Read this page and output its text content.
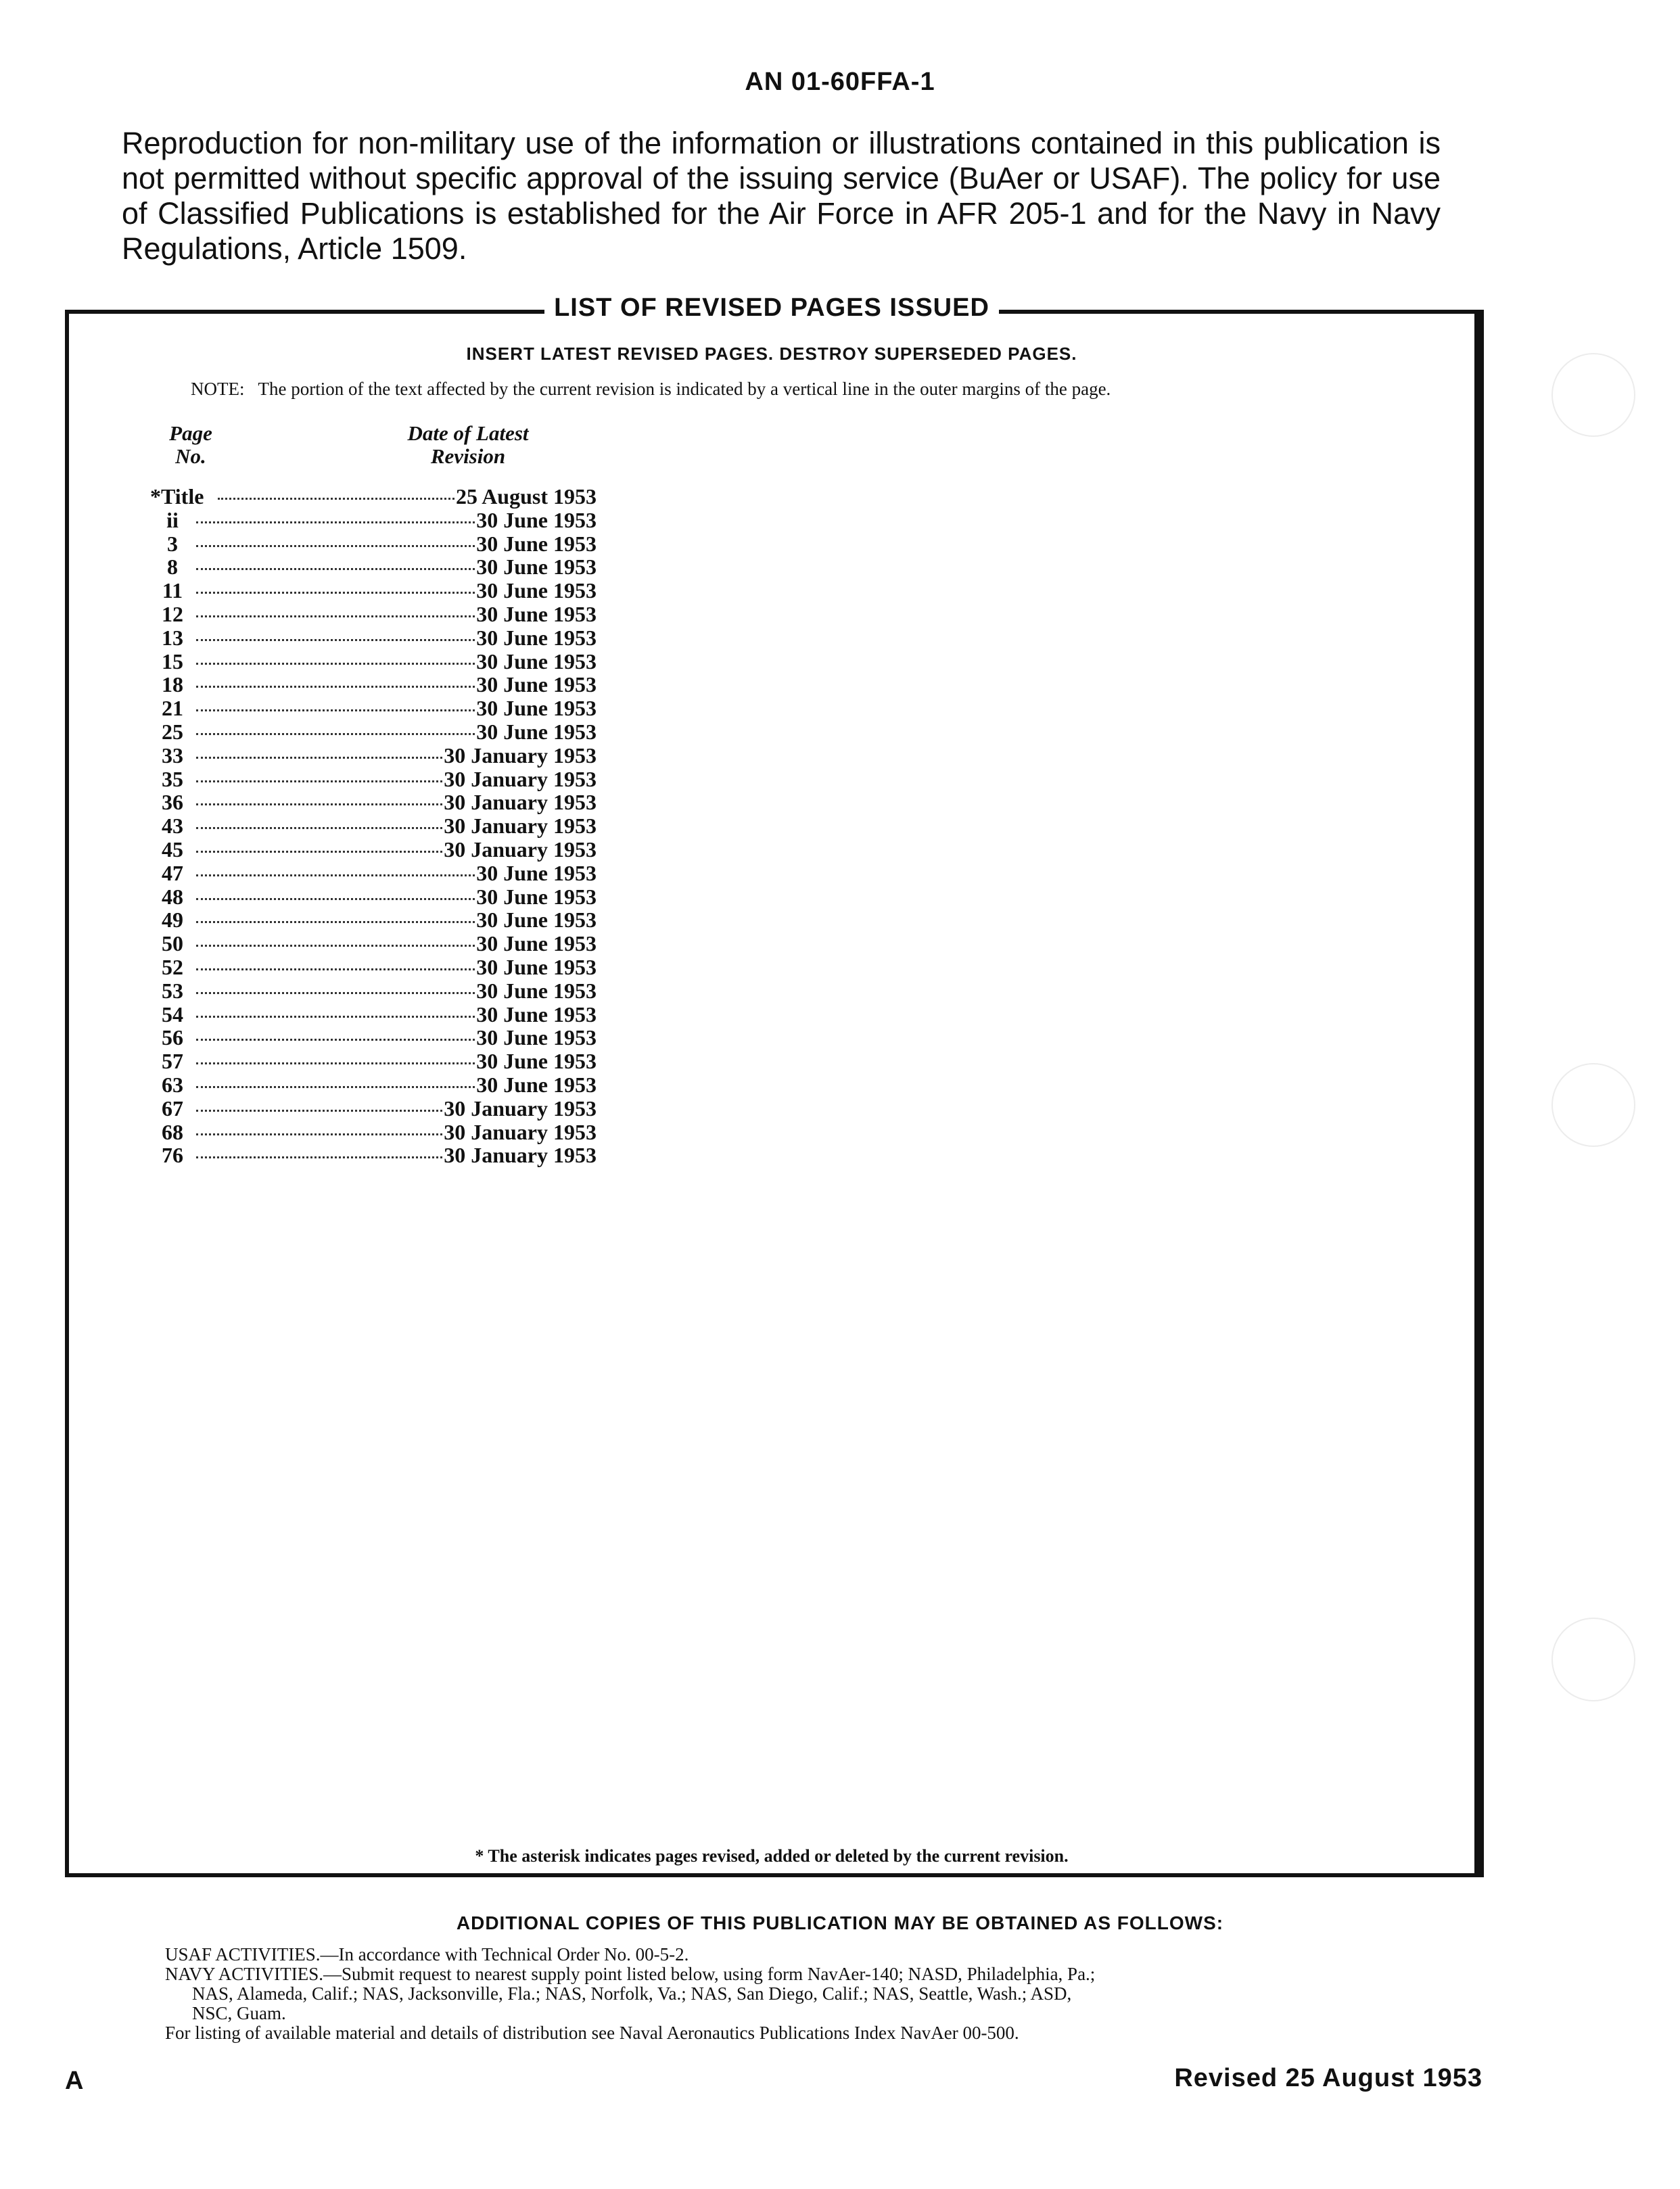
AN 01-60FFA-1
Reproduction for non-military use of the information or illustrations contained in this publication is not permitted without specific approval of the issuing service (BuAer or USAF). The policy for use of Classified Publications is established for the Air Force in AFR 205-1 and for the Navy in Navy Regulations, Article 1509.
LIST OF REVISED PAGES ISSUED
INSERT LATEST REVISED PAGES. DESTROY SUPERSEDED PAGES.
NOTE: The portion of the text affected by the current revision is indicated by a vertical line in the outer margins of the page.
Page
No.
Date of Latest
Revision
*Title	25 August 1953
ii	30 June 1953
3	30 June 1953
8	30 June 1953
11	30 June 1953
12	30 June 1953
13	30 June 1953
15	30 June 1953
18	30 June 1953
21	30 June 1953
25	30 June 1953
33	30 January 1953
35	30 January 1953
36	30 January 1953
43	30 January 1953
45	30 January 1953
47	30 June 1953
48	30 June 1953
49	30 June 1953
50	30 June 1953
52	30 June 1953
53	30 June 1953
54	30 June 1953
56	30 June 1953
57	30 June 1953
63	30 June 1953
67	30 January 1953
68	30 January 1953
76	30 January 1953
* The asterisk indicates pages revised, added or deleted by the current revision.
ADDITIONAL COPIES OF THIS PUBLICATION MAY BE OBTAINED AS FOLLOWS:

USAF ACTIVITIES.—In accordance with Technical Order No. 00-5-2.

NAVY ACTIVITIES.—Submit request to nearest supply point listed below, using form NavAer-140; NASD, Philadelphia, Pa.;

NAS, Alameda, Calif.; NAS, Jacksonville, Fla.; NAS, Norfolk, Va.; NAS, San Diego, Calif.; NAS, Seattle, Wash.; ASD,

NSC, Guam.

For listing of available material and details of distribution see Naval Aeronautics Publications Index NavAer 00-500.

A	Revised 25 August 1953
